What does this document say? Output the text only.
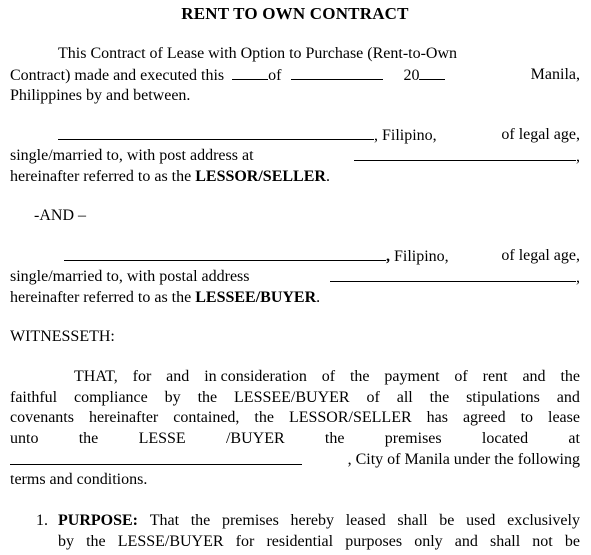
RENT TO OWN CONTRACT
This Contract of Lease with Option to Purchase (Rent-to-Own
Contract) made and executed this	of	20	Manila,
Philippines by and between.
, Filipino,	of legal age,
single/married to, with post address at	,
hereinafter referred to as the LESSOR/SELLER.
-AND –
, Filipino,	of legal age,
single/married to, with postal address	,
hereinafter referred to as the LESSEE/BUYER.
WITNESSETH:
THAT, for and in consideration of the payment of rent and the
faithful compliance by the LESSEE/BUYER of all the stipulations and
covenants hereinafter contained, the LESSOR/SELLER has agreed to lease
unto	the	LESSE	/BUYER	the	premises	located	at
, City of Manila under the following
terms and conditions.
1. PURPOSE: That the premises hereby leased shall be used exclusively
by the LESSE/BUYER for residential purposes only and shall not be
